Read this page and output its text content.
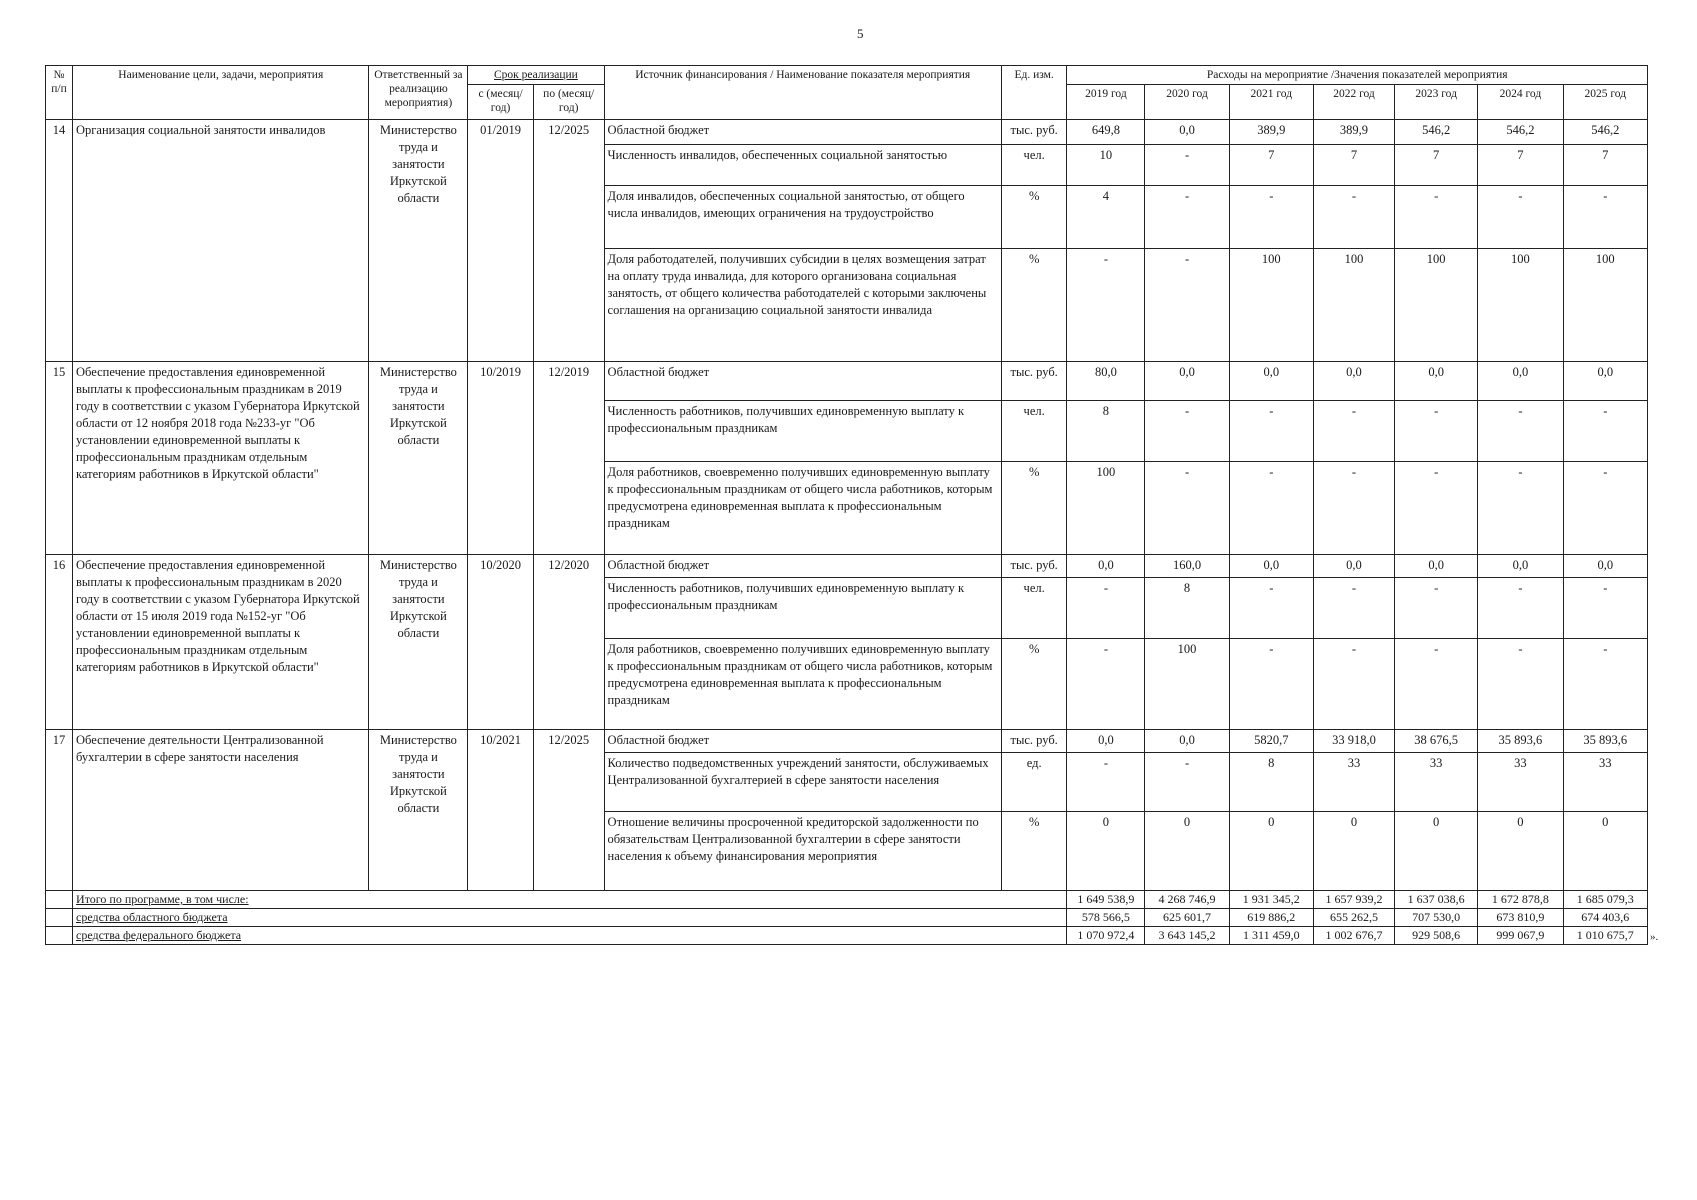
5
№ п/п	Наименование цели, задачи, мероприятия	Ответственный за реализацию мероприятия)	Срок реализации		Источник финансирования / Наименование показателя мероприятия	Ед. изм.	Расходы на мероприятие /Значения показателей мероприятия						
			с (месяц/ год)	по (месяц/ год)			2019 год	2020 год	2021 год	2022 год	2023 год	2024 год	2025 год
14	Организация социальной занятости инвалидов	Министерство труда и занятости Иркутской области	01/2019	12/2025	Областной бюджет	тыс. руб.	649,8	0,0	389,9	389,9	546,2	546,2	546,2
					Численность инвалидов, обеспеченных социальной занятостью	чел.	10	-	7	7	7	7	7
					Доля инвалидов, обеспеченных социальной занятостью, от общего числа инвалидов, имеющих ограничения на трудоустройство	%	4	-	-	-	-	-	-
					Доля работодателей, получивших субсидии в целях возмещения затрат на оплату труда инвалида, для которого организована социальная занятость, от общего количества работодателей с которыми заключены соглашения на организацию социальной занятости инвалида	%	-	-	100	100	100	100	100
15	Обеспечение предоставления единовременной выплаты к профессиональным праздникам в 2019 году в соответствии с указом Губернатора Иркутской области от 12 ноября 2018 года №233-уг "Об установлении единовременной выплаты к профессиональным праздникам отдельным категориям работников в Иркутской области"	Министерство труда и занятости Иркутской области	10/2019	12/2019	Областной бюджет	тыс. руб.	80,0	0,0	0,0	0,0	0,0	0,0	0,0
					Численность работников, получивших единовременную выплату к профессиональным праздникам	чел.	8	-	-	-	-	-	-
					Доля работников, своевременно получивших единовременную выплату к профессиональным праздникам от общего числа работников, которым предусмотрена единовременная выплата к профессиональным праздникам	%	100	-	-	-	-	-	-
16	Обеспечение предоставления единовременной выплаты к профессиональным праздникам в 2020 году в соответствии с указом Губернатора Иркутской области от 15 июля 2019 года №152-уг "Об установлении единовременной выплаты к профессиональным праздникам отдельным категориям работников в Иркутской области"	Министерство труда и занятости Иркутской области	10/2020	12/2020	Областной бюджет	тыс. руб.	0,0	160,0	0,0	0,0	0,0	0,0	0,0
					Численность работников, получивших единовременную выплату к профессиональным праздникам	чел.	-	8	-	-	-	-	-
					Доля работников, своевременно получивших единовременную выплату к профессиональным праздникам от общего числа работников, которым предусмотрена единовременная выплата к профессиональным праздникам	%	-	100	-	-	-	-	-
17	Обеспечение деятельности Централизованной бухгалтерии в сфере занятости населения	Министерство труда и занятости Иркутской области	10/2021	12/2025	Областной бюджет	тыс. руб.	0,0	0,0	5820,7	33 918,0	38 676,5	35 893,6	35 893,6
					Количество подведомственных учреждений занятости, обслуживаемых Централизованной бухгалтерией в сфере занятости населения	ед.	-	-	8	33	33	33	33
					Отношение величины просроченной кредиторской задолженности по обязательствам Централизованной бухгалтерии в сфере занятости населения к объему финансирования мероприятия	%	0	0	0	0	0	0	0
	Итого по программе, в том числе:						1 649 538,9	4 268 746,9	1 931 345,2	1 657 939,2	1 637 038,6	1 672 878,8	1 685 079,3
	средства областного бюджета						578 566,5	625 601,7	619 886,2	655 262,5	707 530,0	673 810,9	674 403,6
	средства федерального бюджета						1 070 972,4	3 643 145,2	1 311 459,0	1 002 676,7	929 508,6	999 067,9	1 010 675,7 ».
